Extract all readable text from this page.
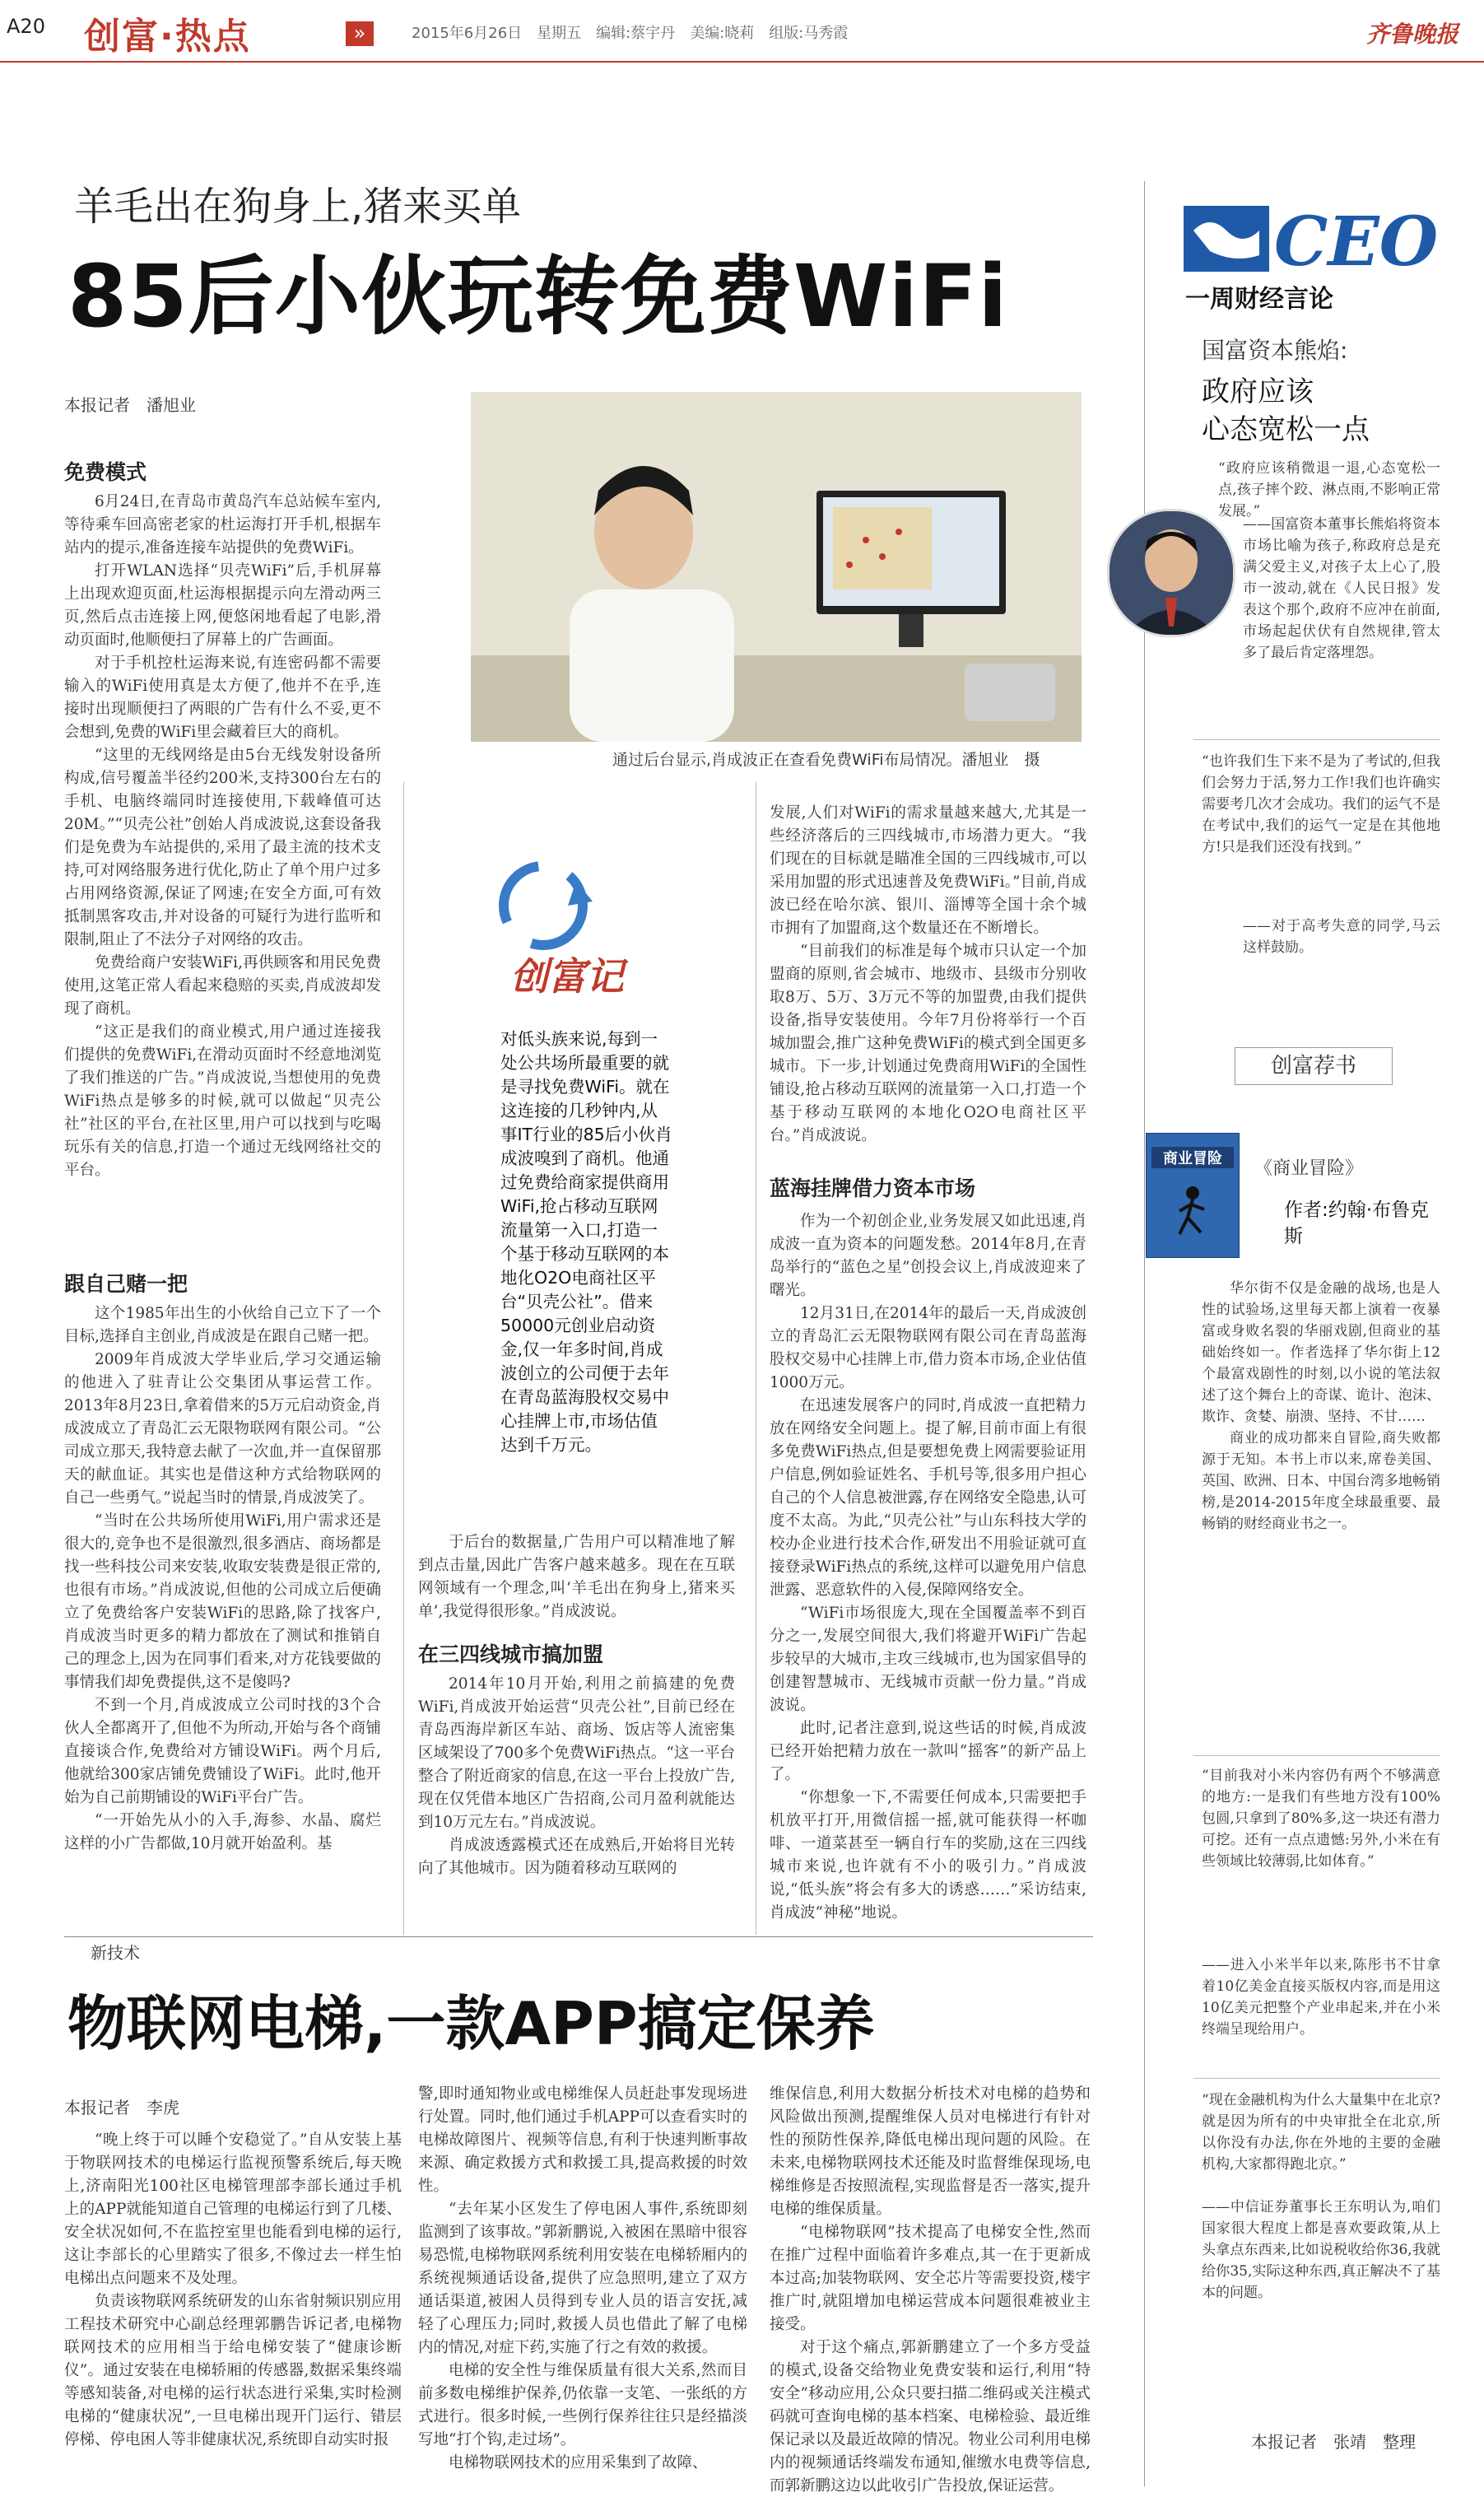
A20 创富·热点	»	2015年6月26日　星期五　编辑:蔡宇丹　美编:晓莉　组版:马秀霞	齐鲁晚报
羊毛出在狗身上,猪来买单
85后小伙玩转免费WiFi
本报记者　潘旭业
通过后台显示,肖成波正在查看免费WiFi布局情况。潘旭业　摄
免费模式

6月24日,在青岛市黄岛汽车总站候车室内,等待乘车回高密老家的杜运海打开手机,根据车站内的提示,准备连接车站提供的免费WiFi。

打开WLAN选择“贝壳WiFi”后,手机屏幕上出现欢迎页面,杜运海根据提示向左滑动两三页,然后点击连接上网,便悠闲地看起了电影,滑动页面时,他顺便扫了屏幕上的广告画面。

对于手机控杜运海来说,有连密码都不需要输入的WiFi使用真是太方便了,他并不在乎,连接时出现顺便扫了两眼的广告有什么不妥,更不会想到,免费的WiFi里会藏着巨大的商机。

“这里的无线网络是由5台无线发射设备所构成,信号覆盖半径约200米,支持300台左右的手机、电脑终端同时连接使用,下载峰值可达20M。”“贝壳公社”创始人肖成波说,这套设备我们是免费为车站提供的,采用了最主流的技术支持,可对网络服务进行优化,防止了单个用户过多占用网络资源,保证了网速;在安全方面,可有效抵制黑客攻击,并对设备的可疑行为进行监听和限制,阻止了不法分子对网络的攻击。

免费给商户安装WiFi,再供顾客和用民免费使用,这笔正常人看起来稳赔的买卖,肖成波却发现了商机。

“这正是我们的商业模式,用户通过连接我们提供的免费WiFi,在滑动页面时不经意地浏览了我们推送的广告。”肖成波说,当想使用的免费WiFi热点是够多的时候,就可以做起“贝壳公社”社区的平台,在社区里,用户可以找到与吃喝玩乐有关的信息,打造一个通过无线网络社交的平台。

跟自己赌一把

这个1985年出生的小伙给自己立下了一个目标,选择自主创业,肖成波是在跟自己赌一把。

2009年肖成波大学毕业后,学习交通运输的他进入了驻青让公交集团从事运营工作。2013年8月23日,拿着借来的5万元启动资金,肖成波成立了青岛汇云无限物联网有限公司。“公司成立那天,我特意去献了一次血,并一直保留那天的献血证。其实也是借这种方式给物联网的自己一些勇气。”说起当时的情景,肖成波笑了。

“当时在公共场所使用WiFi,用户需求还是很大的,竞争也不是很激烈,很多酒店、商场都是找一些科技公司来安装,收取安装费是很正常的,也很有市场。”肖成波说,但他的公司成立后便确立了免费给客户安装WiFi的思路,除了找客户,肖成波当时更多的精力都放在了测试和推销自己的理念上,因为在同事们看来,对方花钱要做的事情我们却免费提供,这不是傻吗?

不到一个月,肖成波成立公司时找的3个合伙人全都离开了,但他不为所动,开始与各个商铺直接谈合作,免费给对方铺设WiFi。两个月后,他就给300家店铺免费铺设了WiFi。此时,他开始为自己前期铺设的WiFi平台广告。

“一开始先从小的入手,海参、水晶、腐烂这样的小广告都做,10月就开始盈利。基

创富记
对低头族来说,每到一处公共场所最重要的就是寻找免费WiFi。就在这连接的几秒钟内,从事IT行业的85后小伙肖成波嗅到了商机。他通过免费给商家提供商用WiFi,抢占移动互联网流量第一入口,打造一个基于移动互联网的本地化O2O电商社区平台“贝壳公社”。借来50000元创业启动资金,仅一年多时间,肖成波创立的公司便于去年在青岛蓝海股权交易中心挂牌上市,市场估值达到千万元。

于后台的数据量,广告用户可以精准地了解到点击量,因此广告客户越来越多。现在在互联网领域有一个理念,叫‘羊毛出在狗身上,猪来买单’,我觉得很形象。”肖成波说。

在三四线城市搞加盟

2014年10月开始,利用之前搞建的免费WiFi,肖成波开始运营“贝壳公社”,目前已经在青岛西海岸新区车站、商场、饭店等人流密集区域架设了700多个免费WiFi热点。“这一平台整合了附近商家的信息,在这一平台上投放广告,现在仅凭借本地区广告招商,公司月盈利就能达到10万元左右。”肖成波说。

肖成波透露模式还在成熟后,开始将目光转向了其他城市。因为随着移动互联网的

发展,人们对WiFi的需求量越来越大,尤其是一些经济落后的三四线城市,市场潜力更大。“我们现在的目标就是瞄准全国的三四线城市,可以采用加盟的形式迅速普及免费WiFi。”目前,肖成波已经在哈尔滨、银川、淄博等全国十余个城市拥有了加盟商,这个数量还在不断增长。

“目前我们的标准是每个城市只认定一个加盟商的原则,省会城市、地级市、县级市分别收取8万、5万、3万元不等的加盟费,由我们提供设备,指导安装使用。今年7月份将举行一个百城加盟会,推广这种免费WiFi的模式到全国更多城市。下一步,计划通过免费商用WiFi的全国性铺设,抢占移动互联网的流量第一入口,打造一个基于移动互联网的本地化O2O电商社区平台。”肖成波说。

蓝海挂牌借力资本市场

作为一个初创企业,业务发展又如此迅速,肖成波一直为资本的问题发愁。2014年8月,在青岛举行的“蓝色之星”创投会议上,肖成波迎来了曙光。

12月31日,在2014年的最后一天,肖成波创立的青岛汇云无限物联网有限公司在青岛蓝海股权交易中心挂牌上市,借力资本市场,企业估值1000万元。

在迅速发展客户的同时,肖成波一直把精力放在网络安全问题上。提了解,目前市面上有很多免费WiFi热点,但是要想免费上网需要验证用户信息,例如验证姓名、手机号等,很多用户担心自己的个人信息被泄露,存在网络安全隐患,认可度不太高。为此,“贝壳公社”与山东科技大学的校办企业进行技术合作,研发出不用验证就可直接登录WiFi热点的系统,这样可以避免用户信息泄露、恶意软件的入侵,保障网络安全。

“WiFi市场很庞大,现在全国覆盖率不到百分之一,发展空间很大,我们将避开WiFi广告起步较早的大城市,主攻三线城市,也为国家倡导的创建智慧城市、无线城市贡献一份力量。”肖成波说。

此时,记者注意到,说这些话的时候,肖成波已经开始把精力放在一款叫“摇客”的新产品上了。

“你想象一下,不需要任何成本,只需要把手机放平打开,用微信摇一摇,就可能获得一杯咖啡、一道菜甚至一辆自行车的奖励,这在三四线城市来说,也许就有不小的吸引力。”肖成波说,“低头族”将会有多大的诱惑……”采访结束,肖成波“神秘”地说。

新技术
物联网电梯,一款APP搞定保养
本报记者　李虎

“晚上终于可以睡个安稳觉了。”自从安装上基于物联网技术的电梯运行监视预警系统后,每天晚上,济南阳光100社区电梯管理部李部长通过手机上的APP就能知道自己管理的电梯运行到了几楼、安全状况如何,不在监控室里也能看到电梯的运行,这让李部长的心里踏实了很多,不像过去一样生怕电梯出点问题来不及处理。

负责该物联网系统研发的山东省射频识别应用工程技术研究中心副总经理郭鹏告诉记者,电梯物联网技术的应用相当于给电梯安装了“健康诊断仪”。通过安装在电梯轿厢的传感器,数据采集终端等感知装备,对电梯的运行状态进行采集,实时检测电梯的“健康状况”,一旦电梯出现开门运行、错层停梯、停电困人等非健康状况,系统即自动实时报

警,即时通知物业或电梯维保人员赶赴事发现场进行处置。同时,他们通过手机APP可以查看实时的电梯故障图片、视频等信息,有利于快速判断事故来源、确定救援方式和救援工具,提高救援的时效性。

“去年某小区发生了停电困人事件,系统即刻监测到了该事故。”郭新鹏说,入被困在黑暗中很容易恐慌,电梯物联网系统利用安装在电梯轿厢内的系统视频通话设备,提供了应急照明,建立了双方通话渠道,被困人员得到专业人员的语言安抚,减轻了心理压力;同时,救援人员也借此了解了电梯内的情况,对症下药,实施了行之有效的救援。

电梯的安全性与维保质量有很大关系,然而目前多数电梯维护保养,仍依靠一支笔、一张纸的方式进行。很多时候,一些例行保养往往只是经描淡写地“打个钩,走过场”。

电梯物联网技术的应用采集到了故障、

维保信息,利用大数据分析技术对电梯的趋势和风险做出预测,提醒维保人员对电梯进行有针对性的预防性保养,降低电梯出现问题的风险。在未来,电梯物联网技术还能及时监督维保现场,电梯维修是否按照流程,实现监督是否一落实,提升电梯的维保质量。

“电梯物联网”技术提高了电梯安全性,然而在推广过程中面临着许多难点,其一在于更新成本过高;加装物联网、安全芯片等需要投资,楼宇推广时,就阻增加电梯运营成本问题很难被业主接受。

对于这个痛点,郭新鹏建立了一个多方受益的模式,设备交给物业免费安装和运行,利用“特安全”移动应用,公众只要扫描二维码或关注模式码就可查询电梯的基本档案、电梯检验、最近维保记录以及最近故障的情况。物业公司利用电梯内的视频通话终端发布通知,催缴水电费等信息,而郭新鹏这边以此收引广告投放,保证运营。

CEO
一周财经言论
国富资本熊焰:
政府应该
心态宽松一点
“政府应该稍微退一退,心态宽松一点,孩子摔个跤、淋点雨,不影响正常发展。”
——国富资本董事长熊焰将资本市场比喻为孩子,称政府总是充满父爱主义,对孩子太上心了,股市一波动,就在《人民日报》发表这个那个,政府不应冲在前面,市场起起伏伏有自然规律,管太多了最后肯定落埋怨。
“也许我们生下来不是为了考试的,但我们会努力于活,努力工作!我们也许确实需要考几次才会成功。我们的运气不是在考试中,我们的运气一定是在其他地方!只是我们还没有找到。”
——对于高考失意的同学,马云这样鼓励。
创富荐书
商业冒险	《商业冒险》
作者:约翰·布鲁克斯

华尔街不仅是金融的战场,也是人性的试验场,这里每天都上演着一夜暴富或身败名裂的华丽戏剧,但商业的基础始终如一。作者选择了华尔街上12个最富戏剧性的时刻,以小说的笔法叙述了这个舞台上的奇谋、诡计、泡沫、欺诈、贪婪、崩溃、坚持、不甘……

商业的成功都来自冒险,商失败都源于无知。本书上市以来,席卷美国、英国、欧洲、日本、中国台湾多地畅销榜,是2014-2015年度全球最重要、最畅销的财经商业书之一。

“目前我对小米内容仍有两个不够满意的地方:一是我们有些地方没有100%包圆,只拿到了80%多,这一块还有潜力可挖。还有一点点遗憾:另外,小米在有些领域比较薄弱,比如体育。”
——进入小米半年以来,陈彤书不甘拿着10亿美金直接买版权内容,而是用这10亿美元把整个产业串起来,并在小米终端呈现给用户。
“现在金融机构为什么大量集中在北京?就是因为所有的中央审批全在北京,所以你没有办法,你在外地的主要的金融机构,大家都得跑北京。”
——中信证券董事长王东明认为,咱们国家很大程度上都是喜欢要政策,从上头拿点东西来,比如说税收给你36,我就给你35,实际这种东西,真正解决不了基本的问题。
本报记者　张靖　整理
